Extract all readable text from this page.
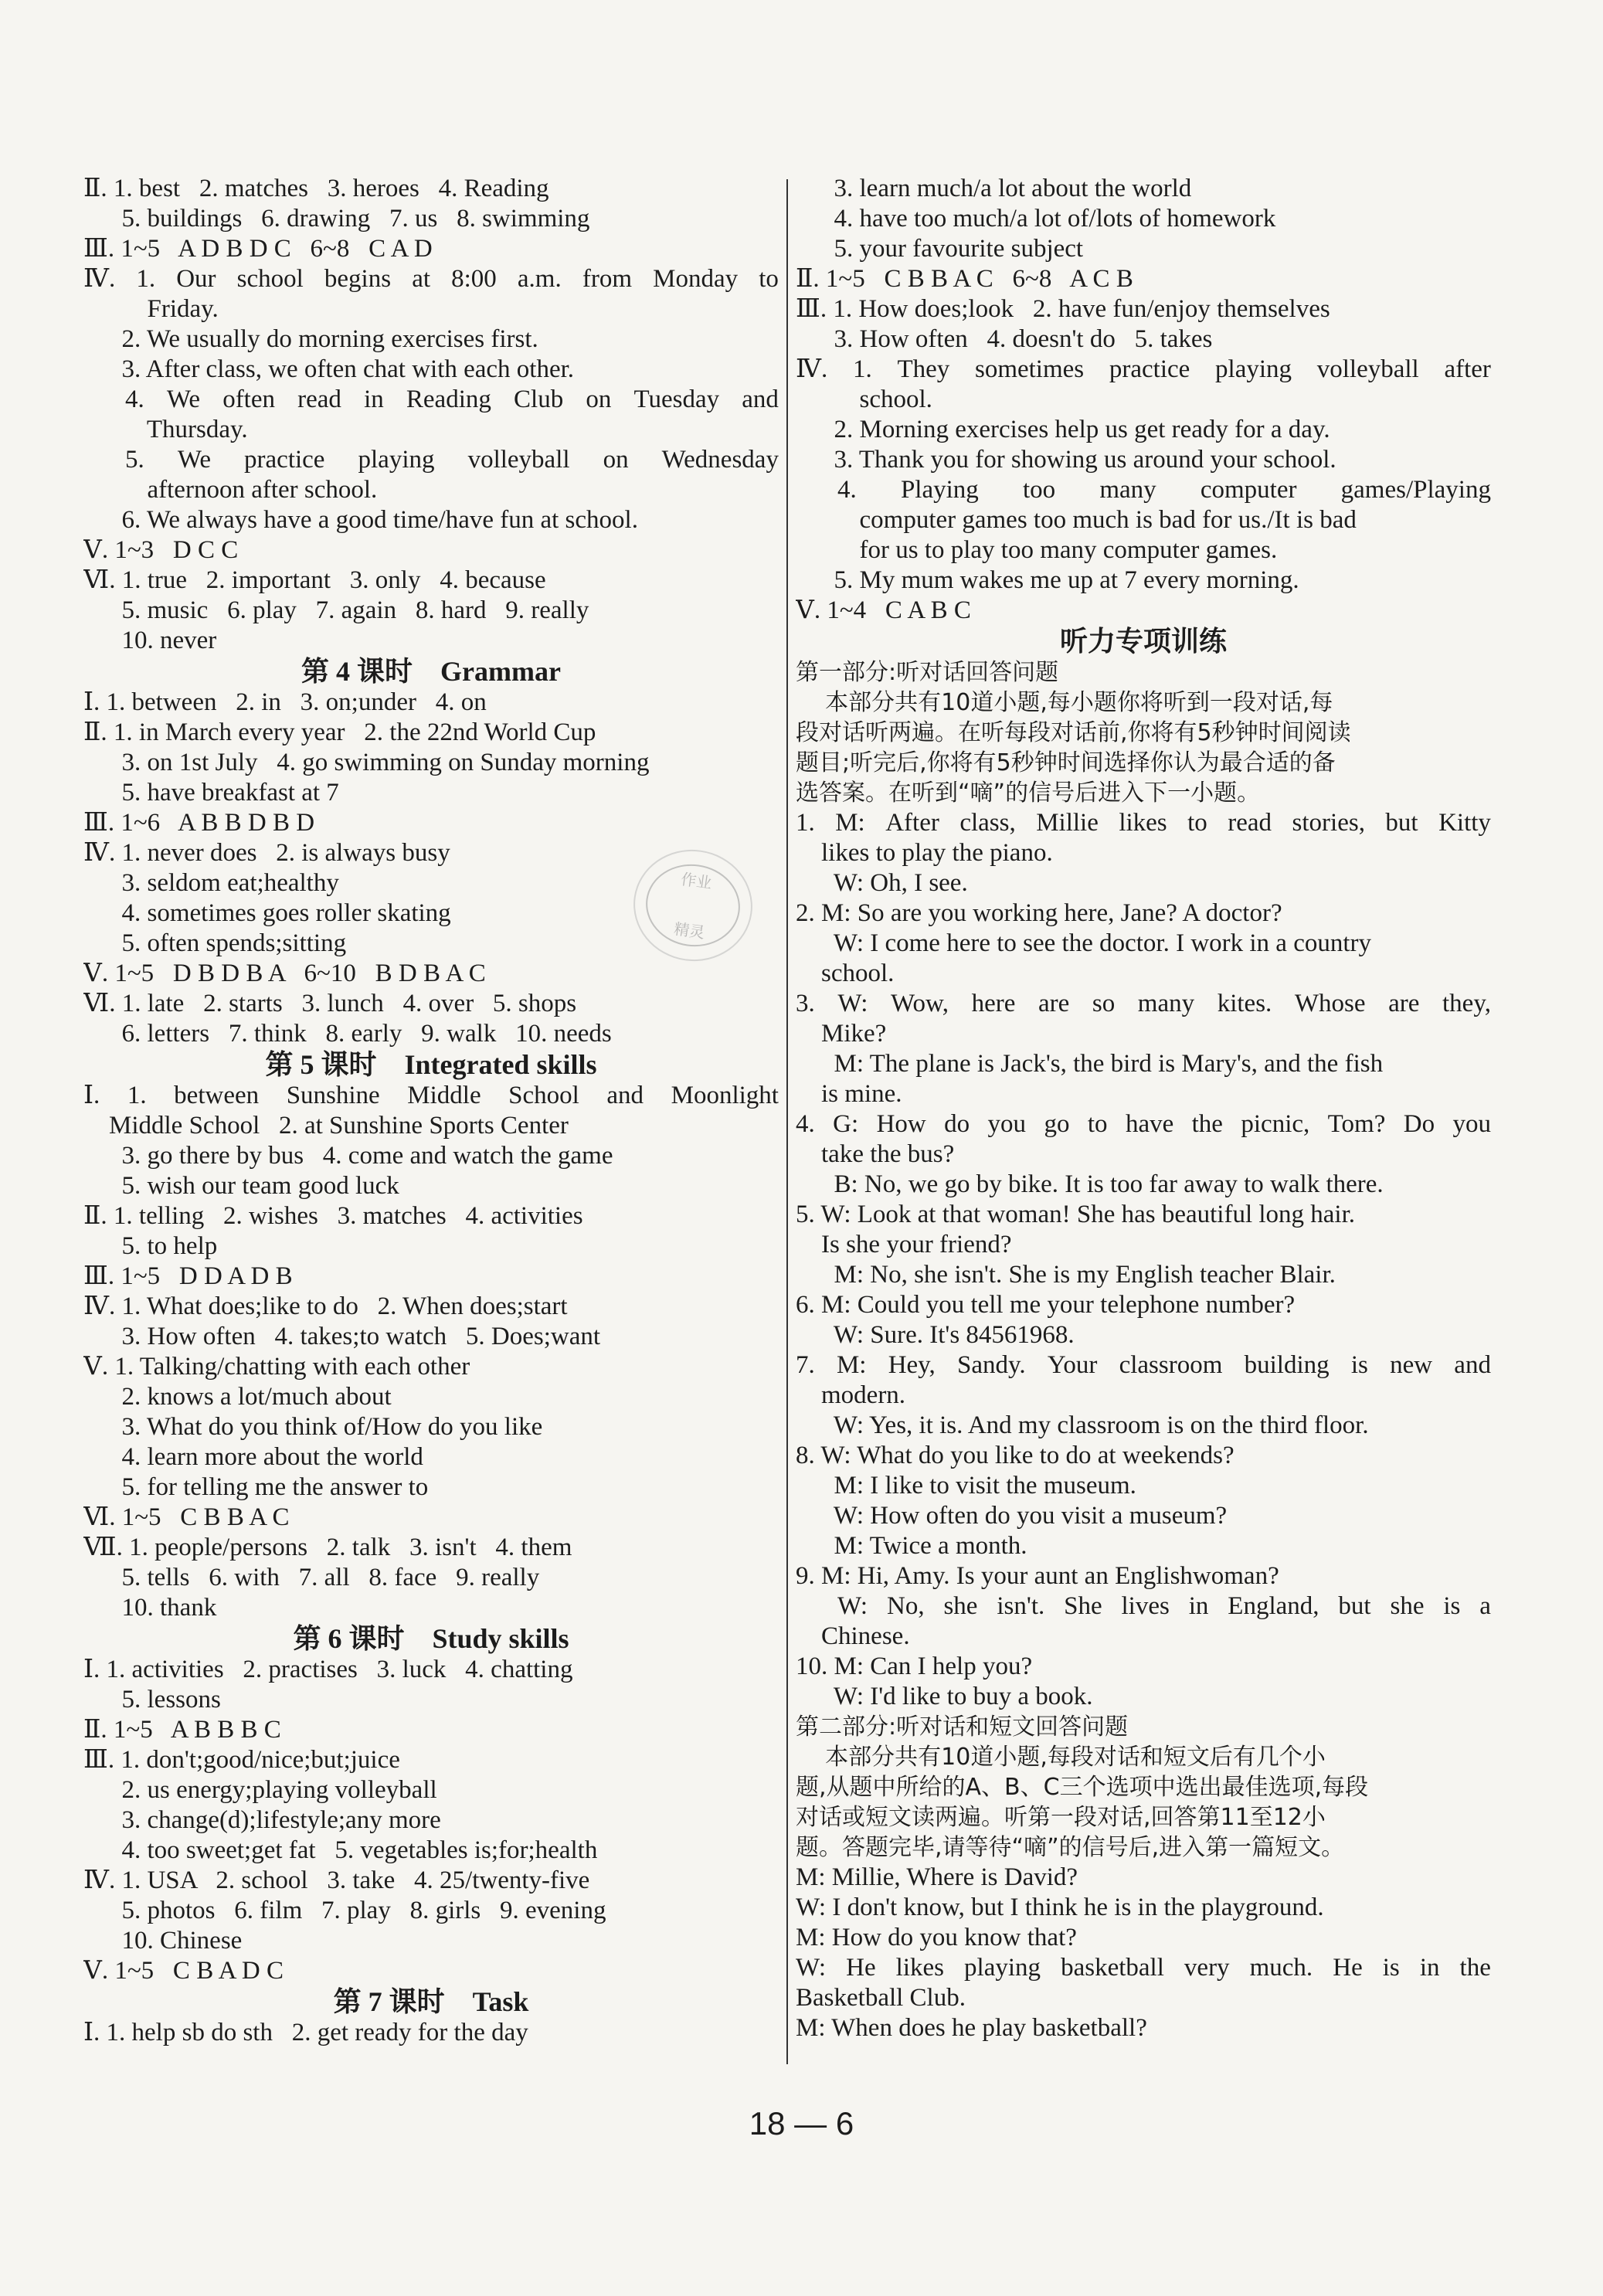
Ⅱ. 1. best   2. matches   3. heroes   4. Reading
5. buildings   6. drawing   7. us   8. swimming
Ⅲ. 1~5   A D B D C   6~8   C A D
Ⅳ. 1. Our school begins at 8:00 a.m. from Monday to
Friday.
2. We usually do morning exercises first.
3. After class, we often chat with each other.
4. We often read in Reading Club on Tuesday and
Thursday.
5. We practice playing volleyball on Wednesday
afternoon after school.
6. We always have a good time/have fun at school.
Ⅴ. 1~3   D C C
Ⅵ. 1. true   2. important   3. only   4. because
5. music   6. play   7. again   8. hard   9. really
10. never
第 4 课时    Grammar
Ⅰ. 1. between   2. in   3. on;under   4. on
Ⅱ. 1. in March every year   2. the 22nd World Cup
3. on 1st July   4. go swimming on Sunday morning
5. have breakfast at 7
Ⅲ. 1~6   A B B D B D
Ⅳ. 1. never does   2. is always busy
3. seldom eat;healthy
4. sometimes goes roller skating
5. often spends;sitting
Ⅴ. 1~5   D B D B A   6~10   B D B A C
Ⅵ. 1. late   2. starts   3. lunch   4. over   5. shops
6. letters   7. think   8. early   9. walk   10. needs
第 5 课时    Integrated skills
Ⅰ. 1. between Sunshine Middle School and Moonlight
Middle School   2. at Sunshine Sports Center
3. go there by bus   4. come and watch the game
5. wish our team good luck
Ⅱ. 1. telling   2. wishes   3. matches   4. activities
5. to help
Ⅲ. 1~5   D D A D B
Ⅳ. 1. What does;like to do   2. When does;start
3. How often   4. takes;to watch   5. Does;want
Ⅴ. 1. Talking/chatting with each other
2. knows a lot/much about
3. What do you think of/How do you like
4. learn more about the world
5. for telling me the answer to
Ⅵ. 1~5   C B B A C
Ⅶ. 1. people/persons   2. talk   3. isn't   4. them
5. tells   6. with   7. all   8. face   9. really
10. thank
第 6 课时    Study skills
Ⅰ. 1. activities   2. practises   3. luck   4. chatting
5. lessons
Ⅱ. 1~5   A B B B C
Ⅲ. 1. don't;good/nice;but;juice
2. us energy;playing volleyball
3. change(d);lifestyle;any more
4. too sweet;get fat   5. vegetables is;for;health
Ⅳ. 1. USA   2. school   3. take   4. 25/twenty-five
5. photos   6. film   7. play   8. girls   9. evening
10. Chinese
Ⅴ. 1~5   C B A D C
第 7 课时    Task
Ⅰ. 1. help sb do sth   2. get ready for the day
3. learn much/a lot about the world
4. have too much/a lot of/lots of homework
5. your favourite subject
Ⅱ. 1~5   C B B A C   6~8   A C B
Ⅲ. 1. How does;look   2. have fun/enjoy themselves
3. How often   4. doesn't do   5. takes
Ⅳ. 1. They sometimes practice playing volleyball after
school.
2. Morning exercises help us get ready for a day.
3. Thank you for showing us around your school.
4. Playing too many computer games/Playing
computer games too much is bad for us./It is bad
for us to play too many computer games.
5. My mum wakes me up at 7 every morning.
Ⅴ. 1~4   C A B C
听力专项训练
第一部分:听对话回答问题
本部分共有10道小题,每小题你将听到一段对话,每
段对话听两遍。在听每段对话前,你将有5秒钟时间阅读
题目;听完后,你将有5秒钟时间选择你认为最合适的备
选答案。在听到“嘀”的信号后进入下一小题。
1. M: After class, Millie likes to read stories, but Kitty
likes to play the piano.
W: Oh, I see.
2. M: So are you working here, Jane? A doctor?
W: I come here to see the doctor. I work in a country
school.
3. W: Wow, here are so many kites. Whose are they,
Mike?
M: The plane is Jack's, the bird is Mary's, and the fish
is mine.
4. G: How do you go to have the picnic, Tom? Do you
take the bus?
B: No, we go by bike. It is too far away to walk there.
5. W: Look at that woman! She has beautiful long hair.
Is she your friend?
M: No, she isn't. She is my English teacher Blair.
6. M: Could you tell me your telephone number?
W: Sure. It's 84561968.
7. M: Hey, Sandy. Your classroom building is new and
modern.
W: Yes, it is. And my classroom is on the third floor.
8. W: What do you like to do at weekends?
M: I like to visit the museum.
W: How often do you visit a museum?
M: Twice a month.
9. M: Hi, Amy. Is your aunt an Englishwoman?
W: No, she isn't. She lives in England, but she is a
Chinese.
10. M: Can I help you?
W: I'd like to buy a book.
第二部分:听对话和短文回答问题
本部分共有10道小题,每段对话和短文后有几个小
题,从题中所给的A、B、C三个选项中选出最佳选项,每段
对话或短文读两遍。听第一段对话,回答第11至12小
题。答题完毕,请等待“嘀”的信号后,进入第一篇短文。
M: Millie, Where is David?
W: I don't know, but I think he is in the playground.
M: How do you know that?
W: He likes playing basketball very much. He is in the
Basketball Club.
M: When does he play basketball?
作业
精灵
18 — 6
